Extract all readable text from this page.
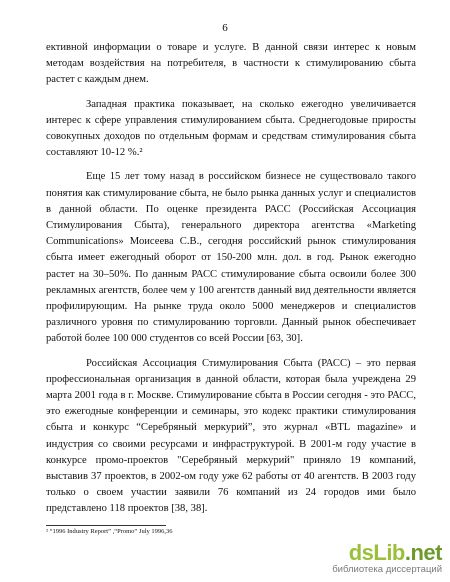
6

ективной информации о товаре и услуге. В данной связи интерес к новым методам воздействия на потребителя, в частности к стимулированию сбыта растет с каждым днем.

Западная практика показывает, на сколько ежегодно увеличивается интерес к сфере управления стимулированием сбыта. Среднегодовые приросты совокупных доходов по отдельным формам и средствам стимулирования сбыта составляют 10-12 %.²

Еще 15 лет тому назад в российском бизнесе не существовало такого понятия как стимулирование сбыта, не было рынка данных услуг и специалистов в данной области. По оценке президента РАСС (Российская Ассоциация Стимулирования Сбыта), генерального директора агентства «Marketing Communications» Моисеева С.В., сегодня российский рынок стимулирования сбыта имеет ежегодный оборот от 150-200 млн. дол. в год. Рынок ежегодно растет на 30–50%. По данным РАСС стимулирование сбыта освоили более 300 рекламных агентств, более чем у 100 агентств данный вид деятельности является профилирующим. На рынке труда около 5000 менеджеров и специалистов различного уровня по стимулированию торговли. Данный рынок обеспечивает работой более 100 000 студентов со всей России [63, 30].

Российская Ассоциация Стимулирования Сбыта (РАСС) – это первая профессиональная организация в данной области, которая была учреждена 29 марта 2001 года в г. Москве. Стимулирование сбыта в России сегодня - это РАСС, это ежегодные конференции и семинары, это кодекс практики стимулирования сбыта и конкурс “Серебряный меркурий”, это журнал «BTL magazine» и индустрия со своими ресурсами и инфраструктурой. В 2001-м году участие в конкурсе промо-проектов "Серебряный меркурий" приняло 19 компаний, выставив 37 проектов, в 2002-ом году уже 62 работы от 40 агентств. В 2003 году только о своем участии заявили 76 компаний из 24 городов ими было представлено 118 проектов [38, 38].

² “1996 Industry Report” ,“Promo” July 1996,36
dsLib.net
библиотека диссертаций
